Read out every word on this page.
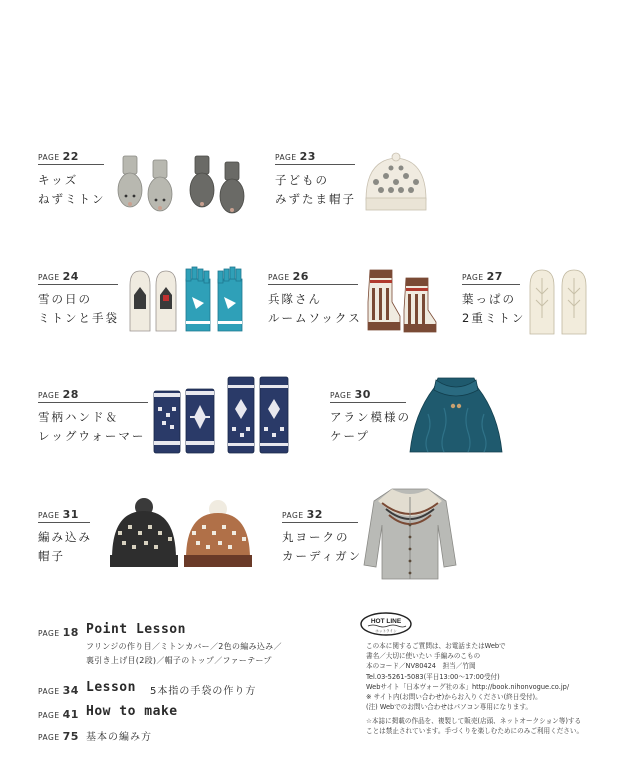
PAGE 22
キッズ
ねずミトン
PAGE 23
子どもの
みずたま帽子
PAGE 24
雪の日の
ミトンと手袋
PAGE 26
兵隊さん
ルームソックス
PAGE 27
葉っぱの
2重ミトン
PAGE 28
雪柄ハンド＆
レッグウォーマー
PAGE 30
アラン模様の
ケープ
PAGE 31
編み込み
帽子
PAGE 32
丸ヨークの
カーディガン
PAGE 18 Point Lesson
フリンジの作り目／ミトンカバー／2色の編み込み／
裏引き上げ目(2段)／帽子のトップ／ファーテープ
PAGE 34 Lesson 5本指の手袋の作り方
PAGE 41 How to make
PAGE 75 基本の編み方
HOT LINE
ホットライン
この本に関するご質問は、お電話またはWebで
書名／大切に使いたい 手編みのこもの
本のコード／NV80424　担当／竹岡
Tel.03-5261-5083(平日13:00～17:00受付)
Webサイト「日本ヴォーグ社の本」http://book.nihonvogue.co.jp/
※ サイト内(お問い合わせ)からお入りください(終日受付)。
(注) Webでのお問い合わせはパソコン専用になります。
☆本誌に掲載の作品を、複製して販売(店頭、ネットオークション等)する
ことは禁止されています。手づくりを楽しむためにのみご利用ください。
